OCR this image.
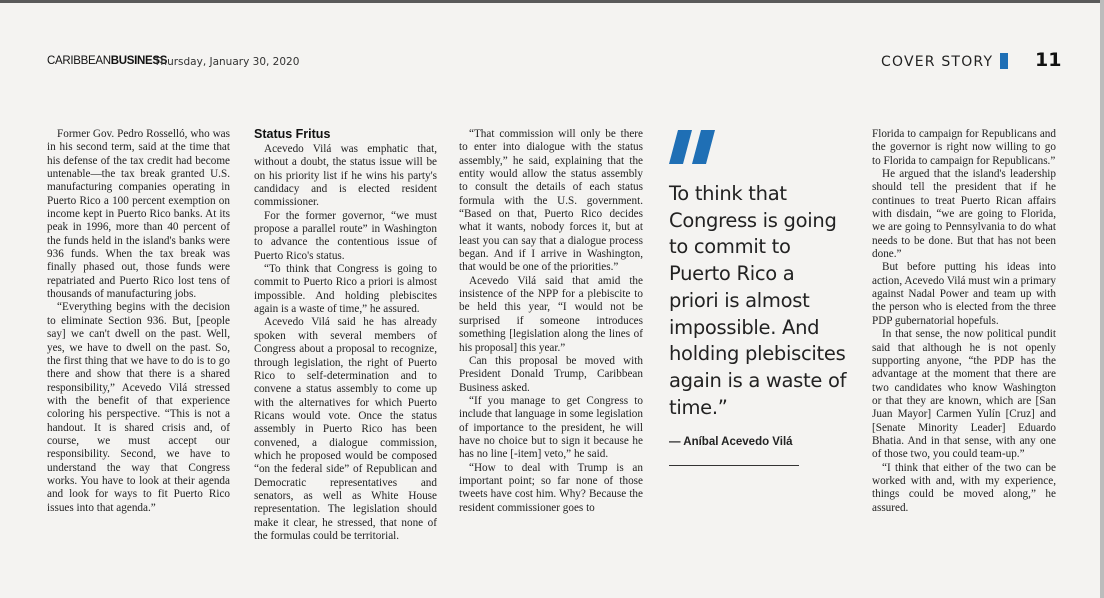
CARIBBEANBUSINESS
Thursday, January 30, 2020	COVER STORY 11

Former Gov. Pedro Rosselló, who was in his second term, said at the time that his defense of the tax credit had become untenable—the tax break granted U.S. manufacturing companies operating in Puerto Rico a 100 percent exemption on income kept in Puerto Rico banks. At its peak in 1996, more than 40 percent of the funds held in the island's banks were 936 funds. When the tax break was finally phased out, those funds were repatriated and Puerto Rico lost tens of thousands of manufacturing jobs.

“Everything begins with the decision to eliminate Section 936. But, [people say] we can't dwell on the past. Well, yes, we have to dwell on the past. So, the first thing that we have to do is to go there and show that there is a shared responsibility,” Acevedo Vilá stressed with the benefit of that experience coloring his perspective. “This is not a handout. It is shared crisis and, of course, we must accept our responsibility. Second, we have to understand the way that Congress works. You have to look at their agenda and look for ways to fit Puerto Rico issues into that agenda.”

Status Fritus

Acevedo Vilá was emphatic that, without a doubt, the status issue will be on his priority list if he wins his party's candidacy and is elected resident commissioner.

For the former governor, “we must propose a parallel route” in Washington to advance the contentious issue of Puerto Rico's status.

“To think that Congress is going to commit to Puerto Rico a priori is almost impossible. And holding plebiscites again is a waste of time,” he assured.

Acevedo Vilá said he has already spoken with several members of Congress about a proposal to recognize, through legislation, the right of Puerto Rico to self-determination and to convene a status assembly to come up with the alternatives for which Puerto Ricans would vote. Once the status assembly in Puerto Rico has been convened, a dialogue commission, which he proposed would be composed “on the federal side” of Republican and Democratic representatives and senators, as well as White House representation. The legislation should make it clear, he stressed, that none of the formulas could be territorial.

“That commission will only be there to enter into dialogue with the status assembly,” he said, explaining that the entity would allow the status assembly to consult the details of each status formula with the U.S. government. “Based on that, Puerto Rico decides what it wants, nobody forces it, but at least you can say that a dialogue process began. And if I arrive in Washington, that would be one of the priorities.”

Acevedo Vilá said that amid the insistence of the NPP for a plebiscite to be held this year, “I would not be surprised if someone introduces something [legislation along the lines of his proposal] this year.”

Can this proposal be moved with President Donald Trump, Caribbean Business asked.

“If you manage to get Congress to include that language in some legislation of importance to the president, he will have no choice but to sign it because he has no line [-item] veto,” he said.

“How to deal with Trump is an important point; so far none of those tweets have cost him. Why? Because the resident commissioner goes to

To think that Congress is going to commit to Puerto Rico a priori is almost impossible. And holding plebiscites again is a waste of time.”
— Aníbal Acevedo Vilá

Florida to campaign for Republicans and the governor is right now willing to go to Florida to campaign for Republicans.”

He argued that the island's leadership should tell the president that if he continues to treat Puerto Rican affairs with disdain, “we are going to Florida, we are going to Pennsylvania to do what needs to be done. But that has not been done.”

But before putting his ideas into action, Acevedo Vilá must win a primary against Nadal Power and team up with the person who is elected from the three PDP gubernatorial hopefuls.

In that sense, the now political pundit said that although he is not openly supporting anyone, “the PDP has the advantage at the moment that there are two candidates who know Washington or that they are known, which are [San Juan Mayor] Carmen Yulín [Cruz] and [Senate Minority Leader] Eduardo Bhatia. And in that sense, with any one of those two, you could team-up.”

“I think that either of the two can be worked with and, with my experience, things could be moved along,” he assured.
